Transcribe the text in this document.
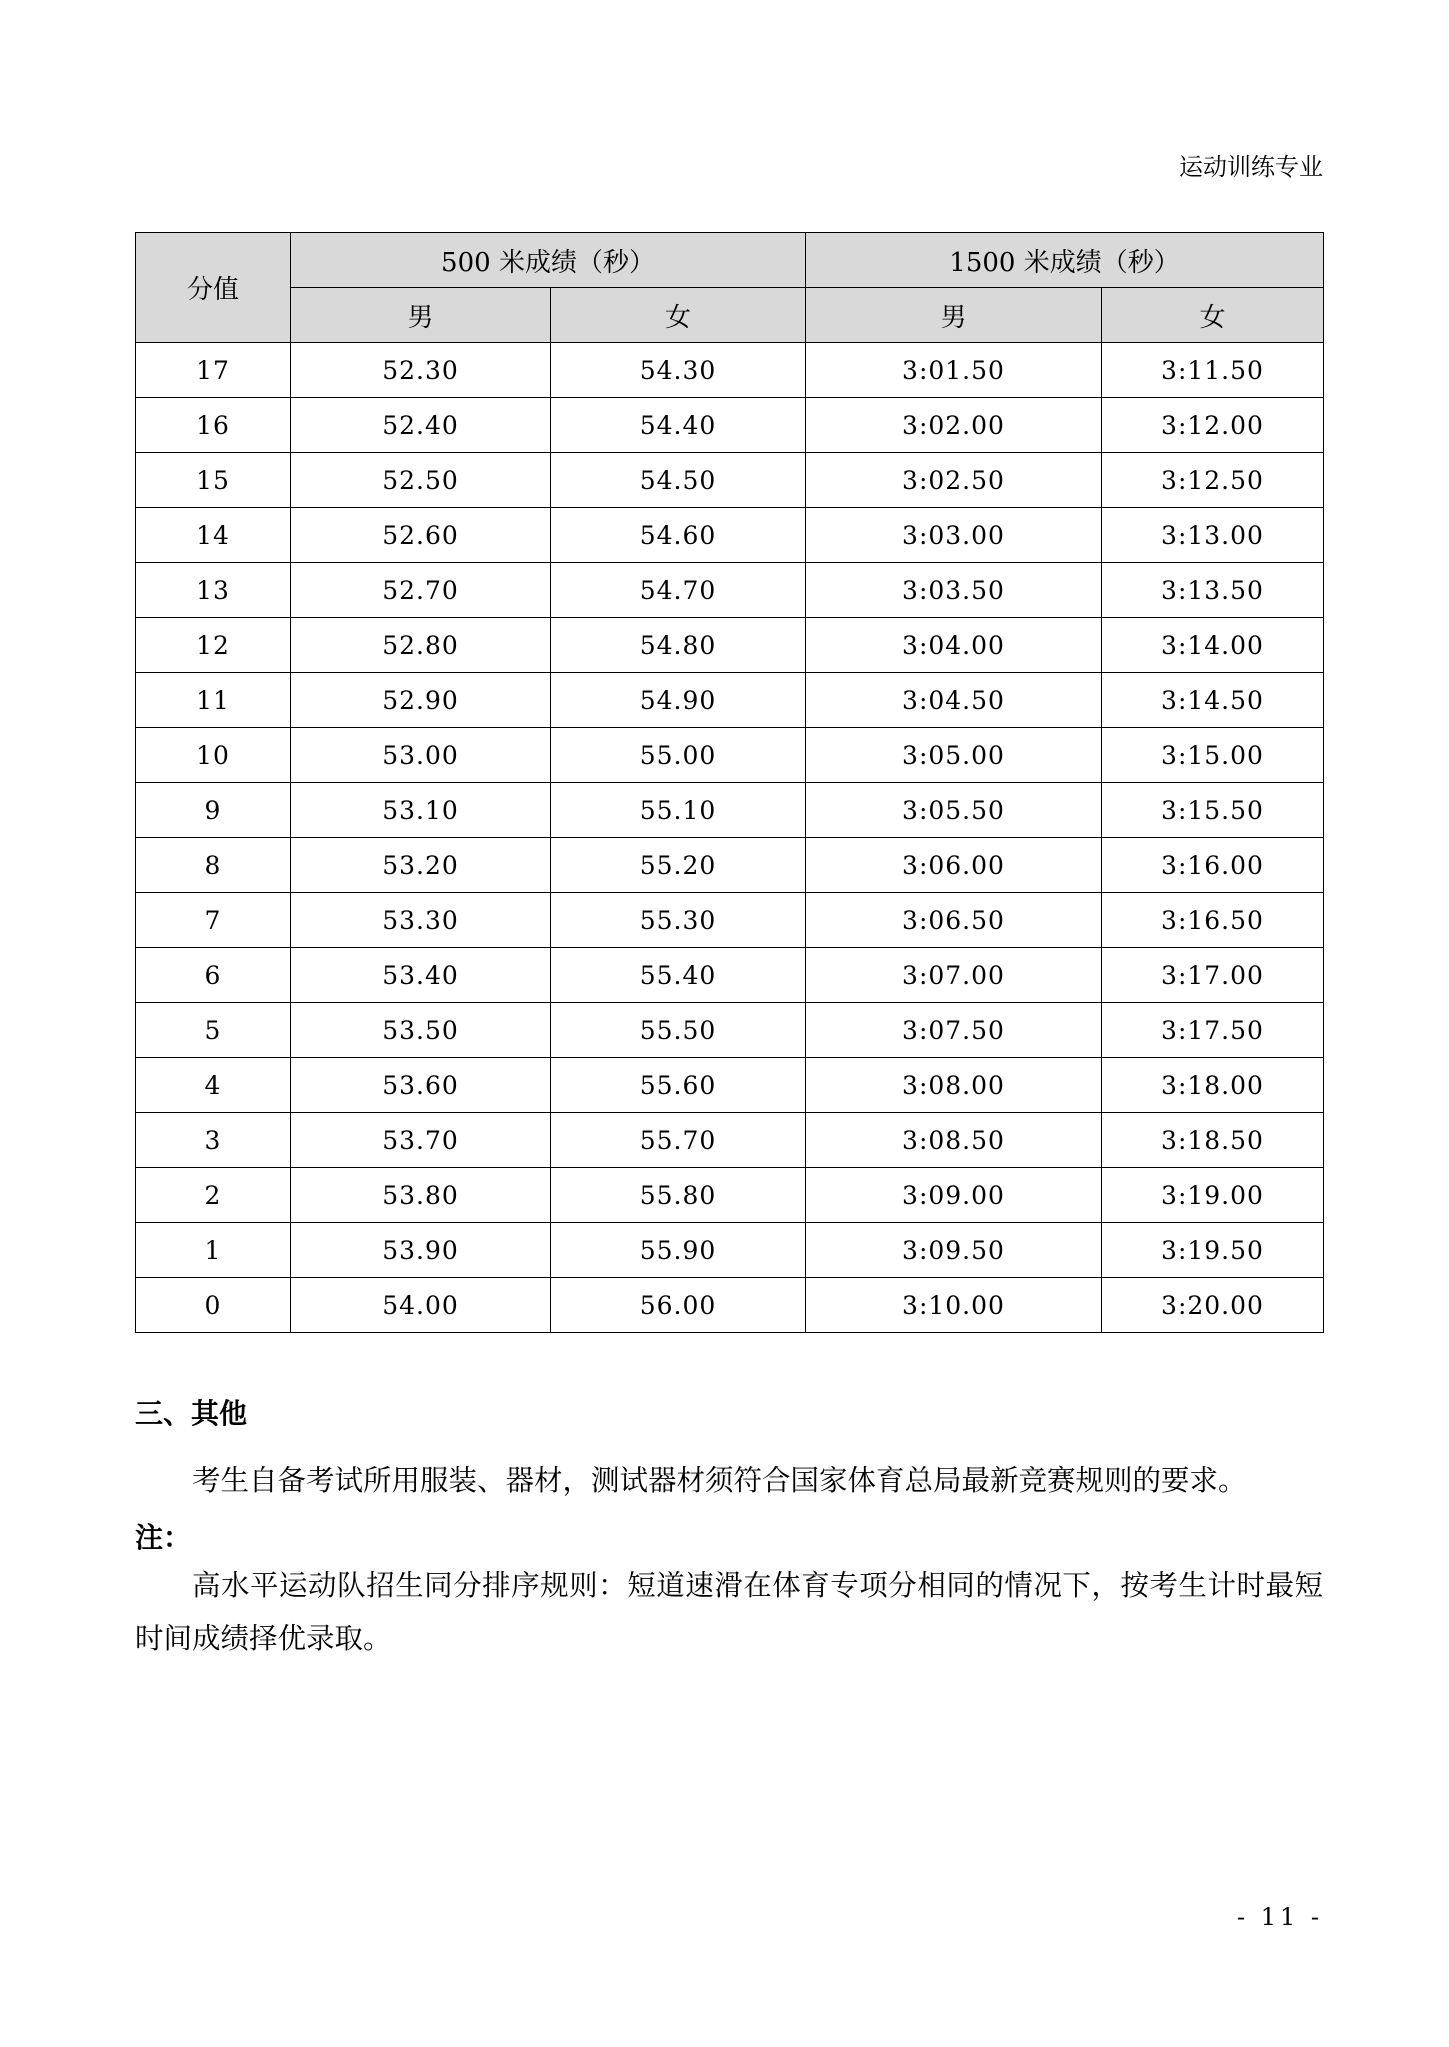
运动训练专业
分值	500 米成绩（秒）		1500 米成绩（秒）	
	男	女	男	女
17	52.30	54.30	3:01.50	3:11.50
16	52.40	54.40	3:02.00	3:12.00
15	52.50	54.50	3:02.50	3:12.50
14	52.60	54.60	3:03.00	3:13.00
13	52.70	54.70	3:03.50	3:13.50
12	52.80	54.80	3:04.00	3:14.00
11	52.90	54.90	3:04.50	3:14.50
10	53.00	55.00	3:05.00	3:15.00
9	53.10	55.10	3:05.50	3:15.50
8	53.20	55.20	3:06.00	3:16.00
7	53.30	55.30	3:06.50	3:16.50
6	53.40	55.40	3:07.00	3:17.00
5	53.50	55.50	3:07.50	3:17.50
4	53.60	55.60	3:08.00	3:18.00
3	53.70	55.70	3:08.50	3:18.50
2	53.80	55.80	3:09.00	3:19.00
1	53.90	55.90	3:09.50	3:19.50
0	54.00	56.00	3:10.00	3:20.00
三、其他
考生自备考试所用服装、器材，测试器材须符合国家体育总局最新竞赛规则的要求。
注：
高水平运动队招生同分排序规则：短道速滑在体育专项分相同的情况下，按考生计时最短时间成绩择优录取。
- 11 -
